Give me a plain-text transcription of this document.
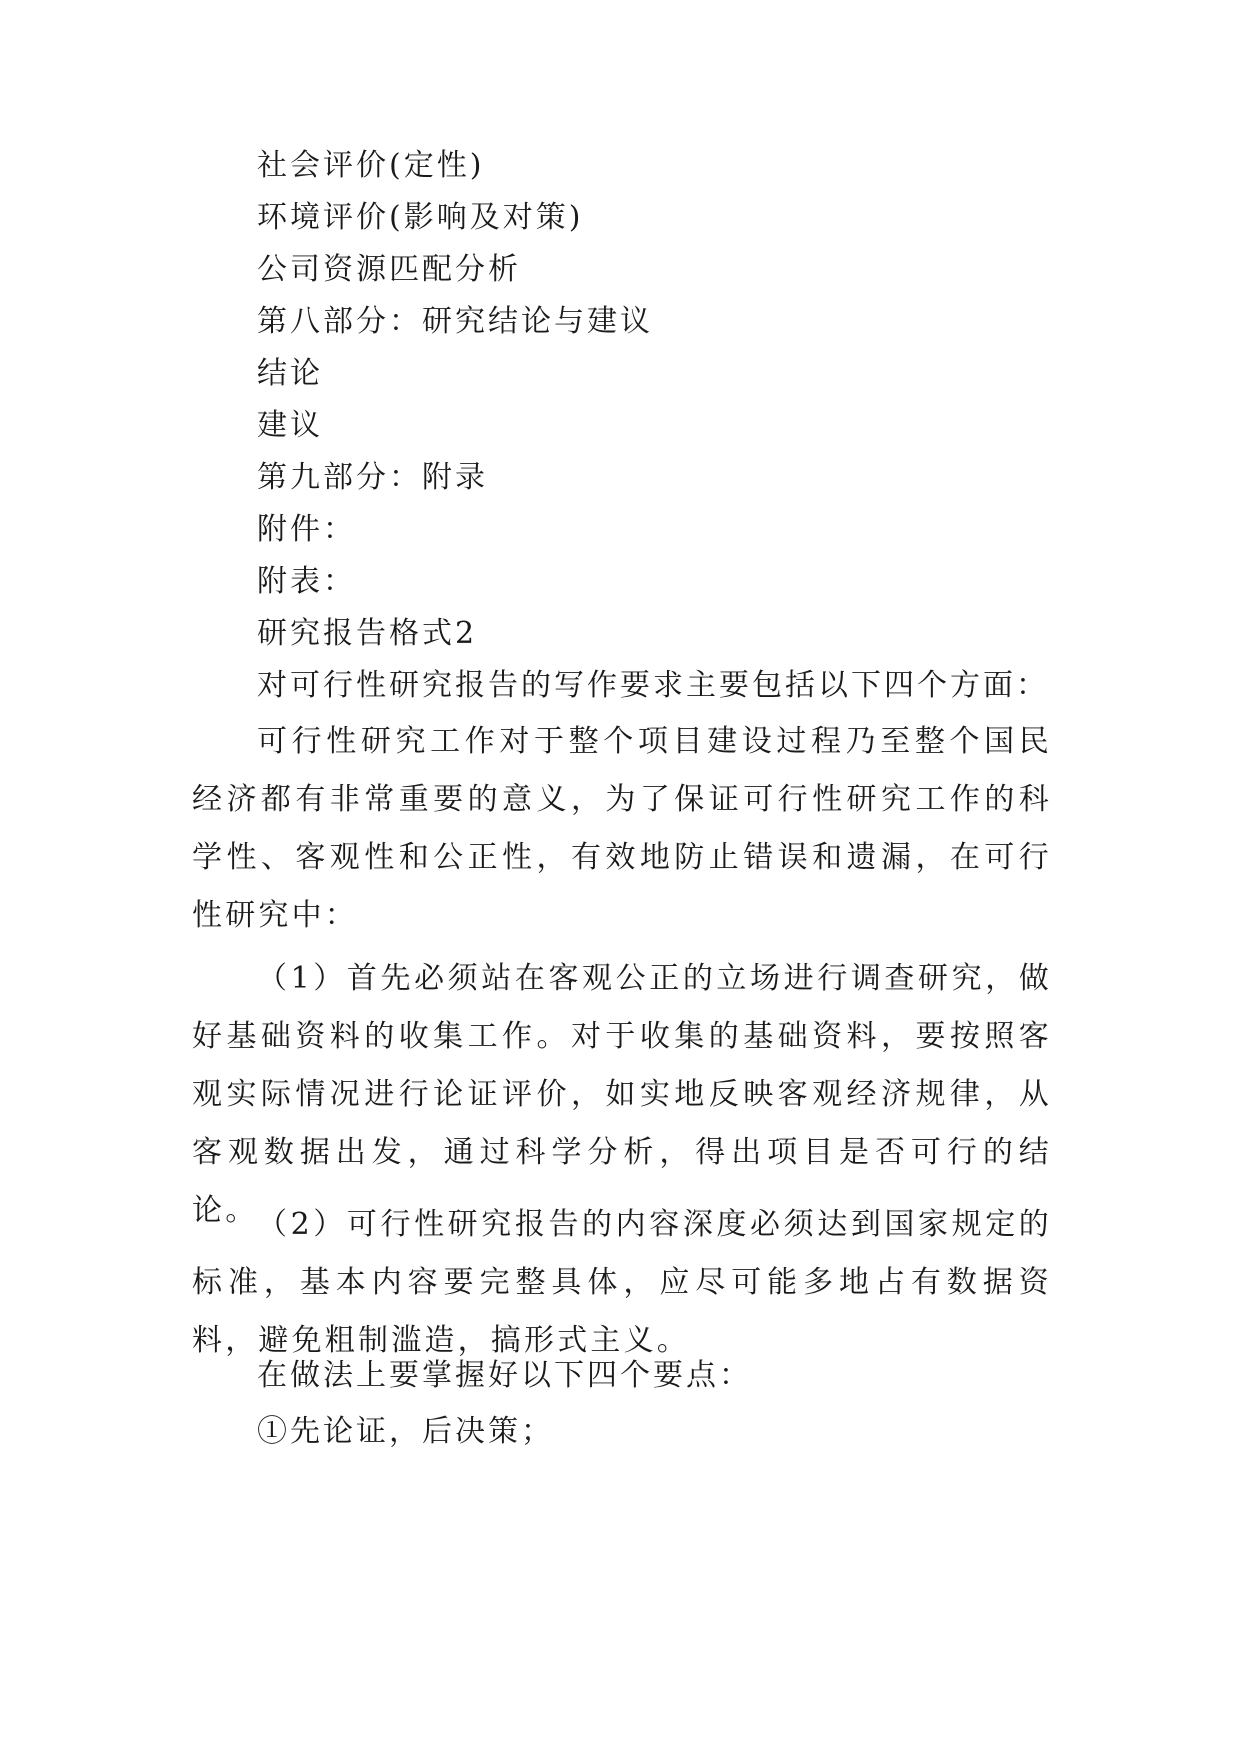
社会评价(定性)
环境评价(影响及对策)
公司资源匹配分析
第八部分：研究结论与建议
结论
建议
第九部分：附录
附件：
附表：
研究报告格式2
对可行性研究报告的写作要求主要包括以下四个方面：
可行性研究工作对于整个项目建设过程乃至整个国民经济都有非常重要的意义，为了保证可行性研究工作的科学性、客观性和公正性，有效地防止错误和遗漏，在可行性研究中：
（1）首先必须站在客观公正的立场进行调查研究，做好基础资料的收集工作。对于收集的基础资料，要按照客观实际情况进行论证评价，如实地反映客观经济规律，从客观数据出发，通过科学分析，得出项目是否可行的结论。
（2）可行性研究报告的内容深度必须达到国家规定的标准，基本内容要完整具体，应尽可能多地占有数据资料，避免粗制滥造，搞形式主义。
在做法上要掌握好以下四个要点：
①先论证，后决策；
